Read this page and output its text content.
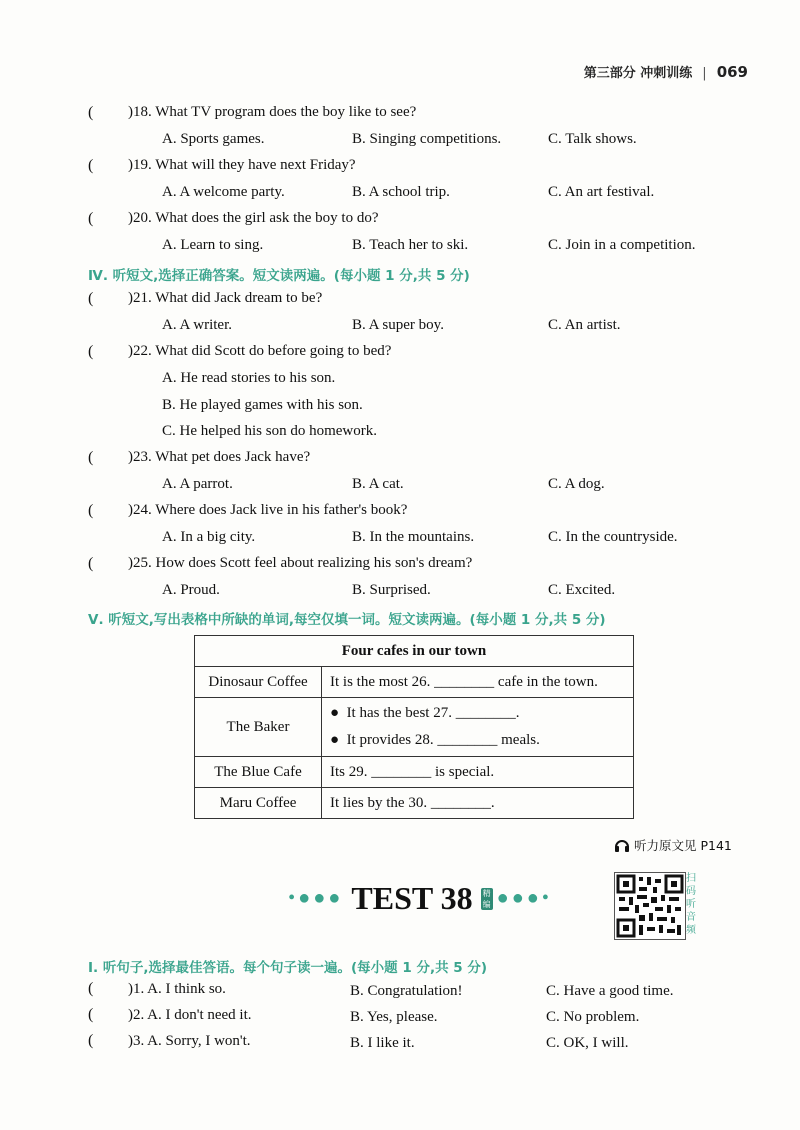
第三部分 冲刺训练 | 069
( )18. What TV program does the boy like to see?
A. Sports games.	B. Singing competitions.	C. Talk shows.
( )19. What will they have next Friday?
A. A welcome party.	B. A school trip.	C. An art festival.
( )20. What does the girl ask the boy to do?
A. Learn to sing.	B. Teach her to ski.	C. Join in a competition.
Ⅳ. 听短文,选择正确答案。短文读两遍。(每小题 1 分,共 5 分)
( )21. What did Jack dream to be?
A. A writer.	B. A super boy.	C. An artist.
( )22. What did Scott do before going to bed?
A. He read stories to his son.
B. He played games with his son.
C. He helped his son do homework.
( )23. What pet does Jack have?
A. A parrot.	B. A cat.	C. A dog.
( )24. Where does Jack live in his father's book?
A. In a big city.	B. In the mountains.	C. In the countryside.
( )25. How does Scott feel about realizing his son's dream?
A. Proud.	B. Surprised.	C. Excited.
Ⅴ. 听短文,写出表格中所缺的单词,每空仅填一词。短文读两遍。(每小题 1 分,共 5 分)
Four cafes in our town	
Dinosaur Coffee	It is the most 26. ________ cafe in the town.
The Baker	●  It has the best 27. ________.
●  It provides 28. ________ meals.

The Blue Cafe	Its 29. ________ is special.
Maru Coffee	It lies by the 30. ________.
听力原文见 P141
•●●● TEST 38 精编 ●●●•
扫码听音频
Ⅰ. 听句子,选择最佳答语。每个句子读一遍。(每小题 1 分,共 5 分)
( )1. A. I think so.	B. Congratulation!	C. Have a good time.
( )2. A. I don't need it.	B. Yes, please.	C. No problem.
( )3. A. Sorry, I won't.	B. I like it.	C. OK, I will.
